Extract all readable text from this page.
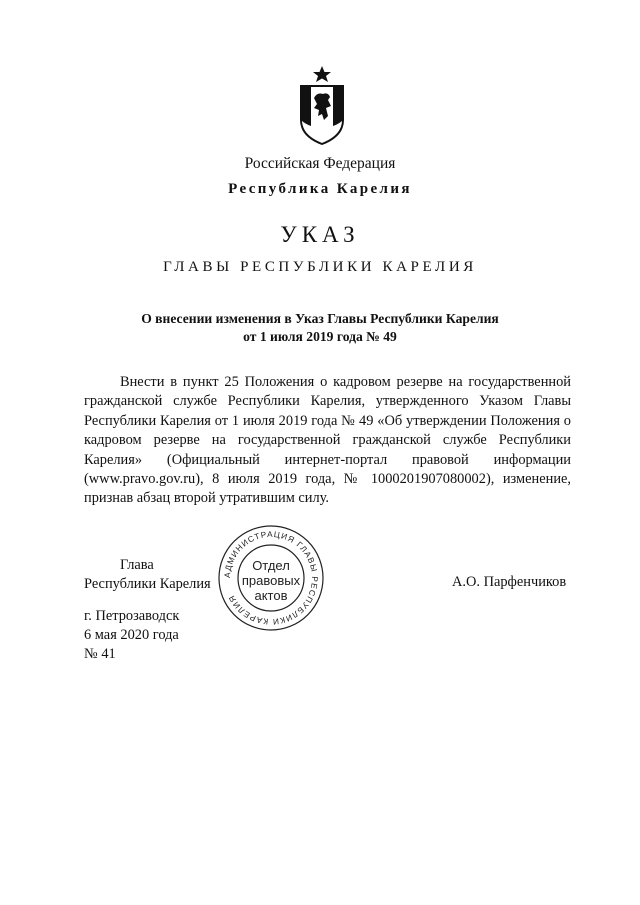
Российская Федерация
Республика Карелия
УКАЗ
ГЛАВЫ РЕСПУБЛИКИ КАРЕЛИЯ
О внесении изменения в Указ Главы Республики Карелия
от 1 июля 2019 года № 49
Внести в пункт 25 Положения о кадровом резерве на государственной гражданской службе Республики Карелия, утвержденного Указом Главы Республики Карелия от 1 июля 2019 года № 49 «Об утверждении Положения о кадровом резерве на государственной гражданской службе Республики Карелия» (Официальный интернет-портал правовой информации (www.pravo.gov.ru), 8 июля 2019 года, № 1000201907080002), изменение, признав абзац второй утратившим силу.
Глава
Республики Карелия
АДМИНИСТРАЦИЯ ГЛАВЫ РЕСПУБЛИКИ КАРЕЛИЯ
Отдел
правовых
актов
А.О. Парфенчиков
г. Петрозаводск
6 мая 2020 года
№ 41
